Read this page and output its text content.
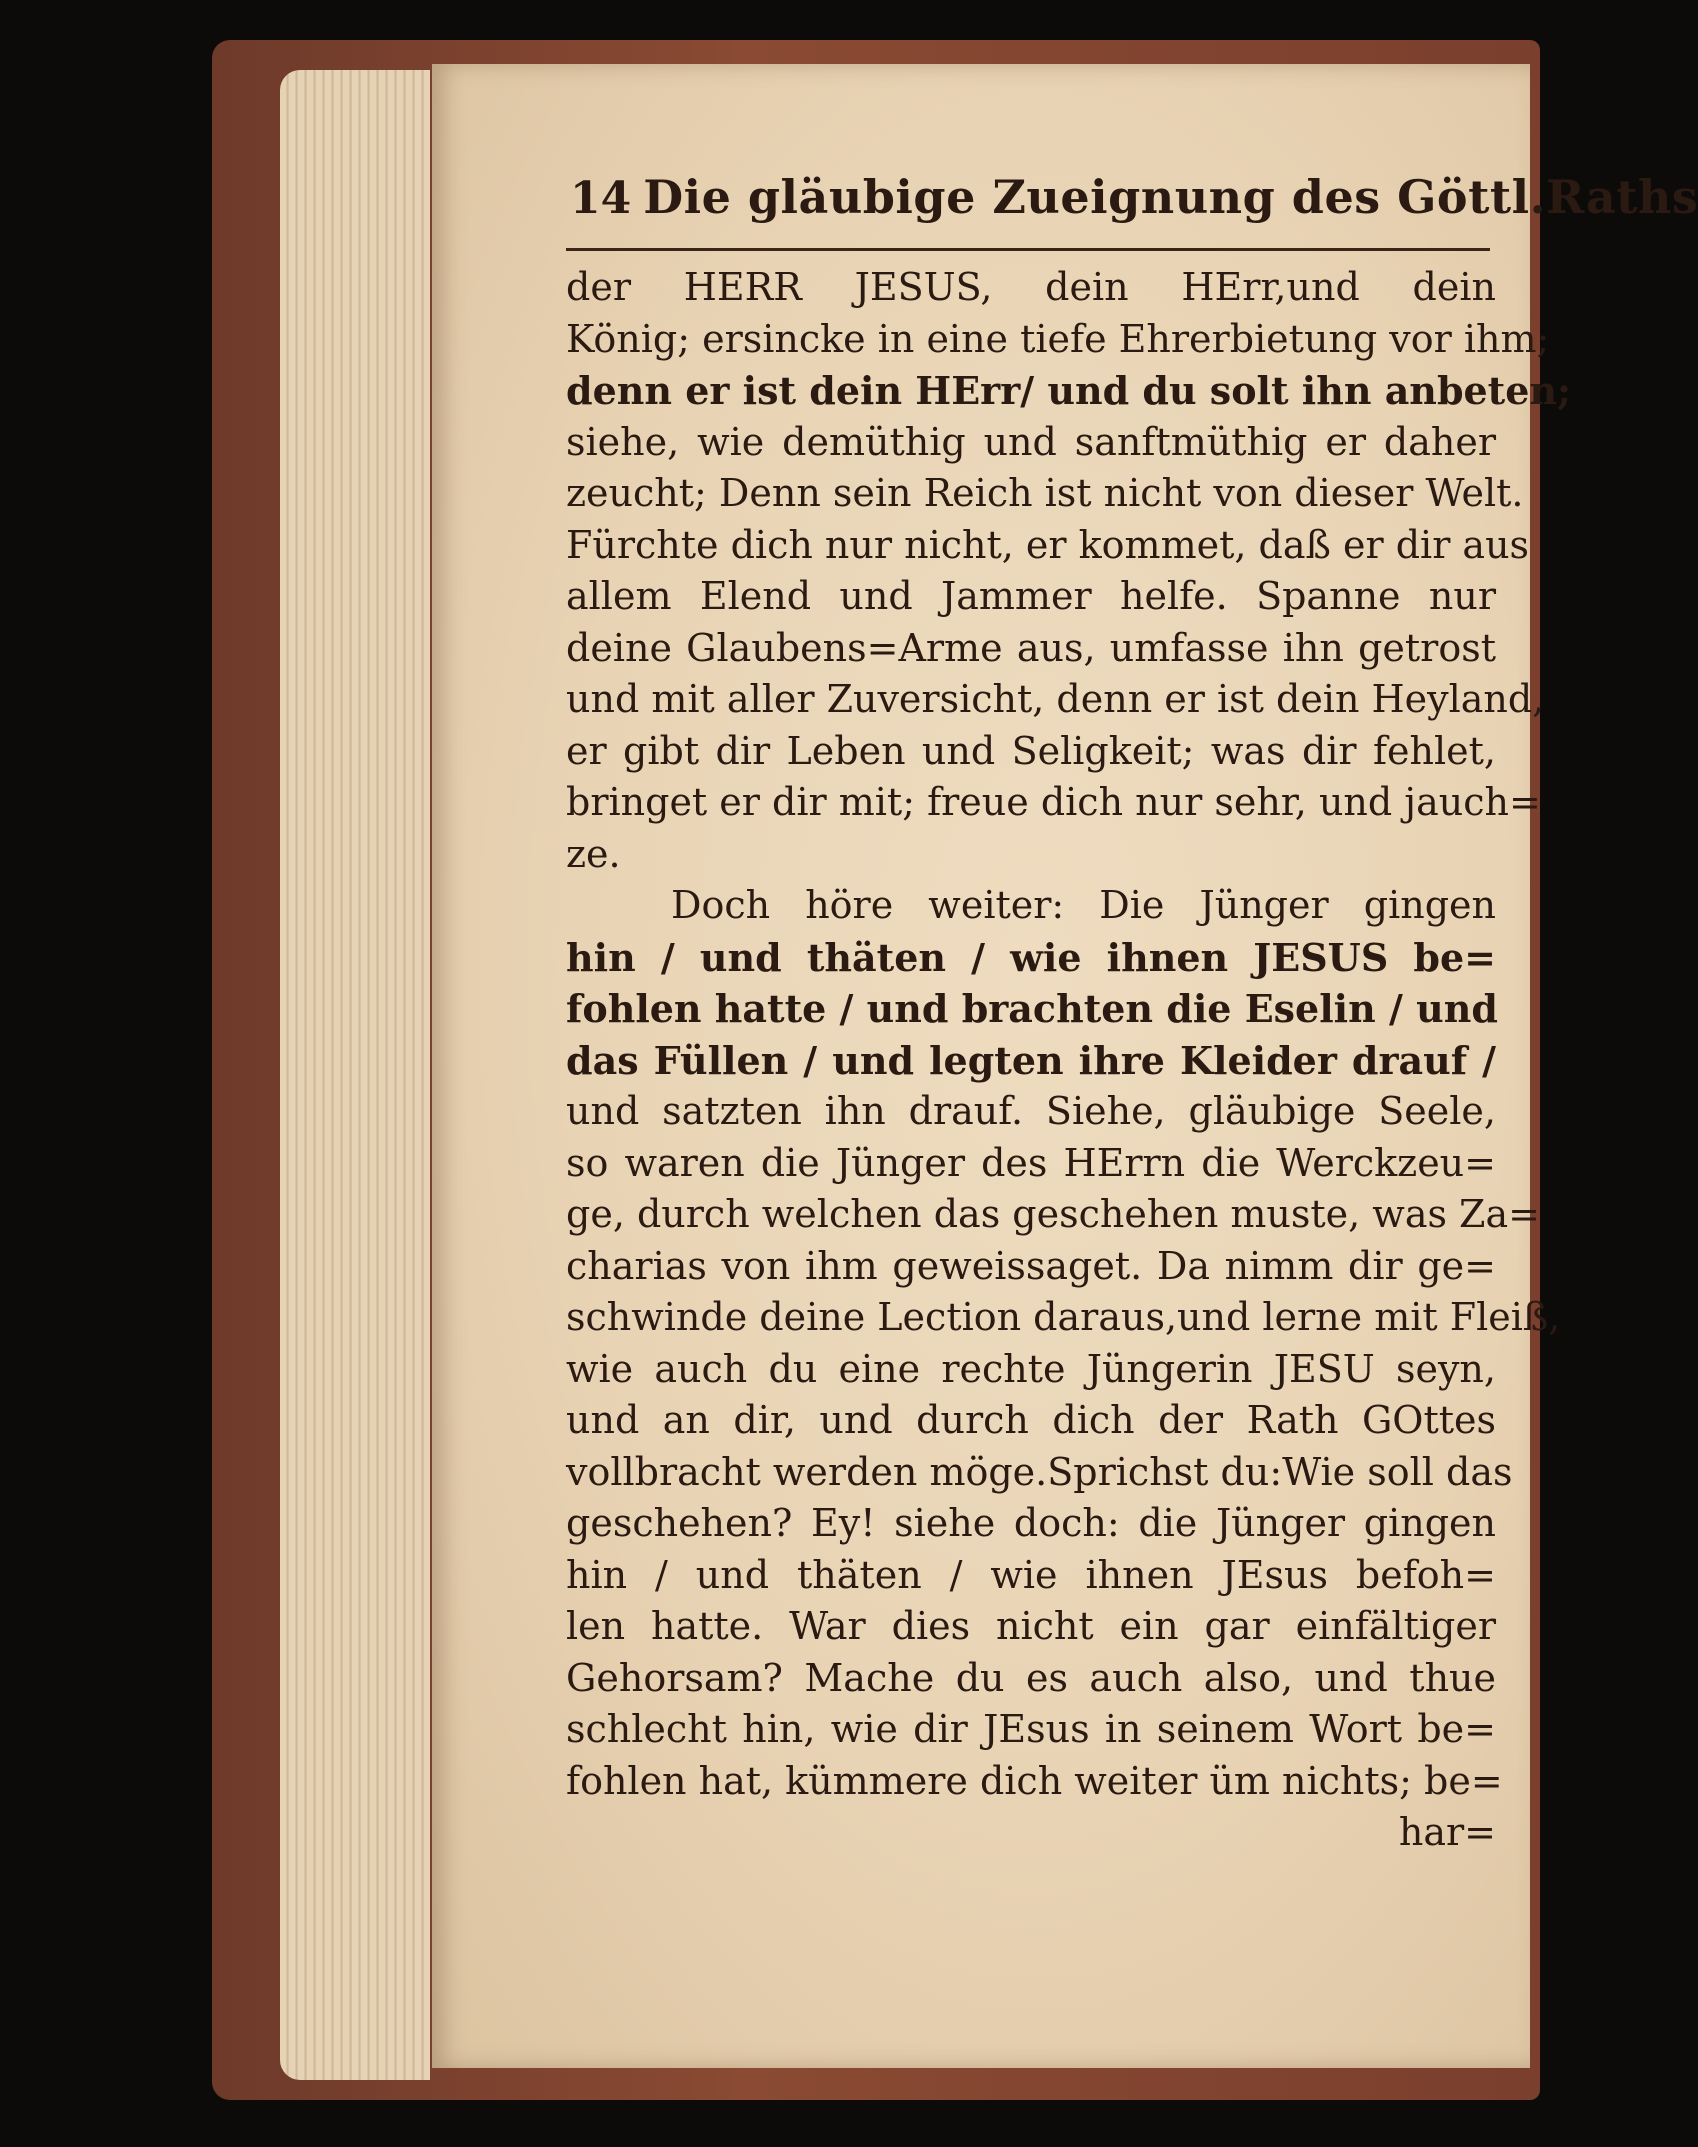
14 Die gläubige Zueignung des Göttl.Raths
der HERR JESUS, dein HErr,und dein
König; ersincke in eine tiefe Ehrerbietung vor ihm;
denn er ist dein HErr/ und du solt ihn anbeten;
siehe, wie demüthig und sanftmüthig er daher
zeucht; Denn sein Reich ist nicht von dieser Welt.
Fürchte dich nur nicht, er kommet, daß er dir aus
allem Elend und Jammer helfe. Spanne nur
deine Glaubens=Arme aus, umfasse ihn getrost
und mit aller Zuversicht, denn er ist dein Heyland,
er gibt dir Leben und Seligkeit; was dir fehlet,
bringet er dir mit; freue dich nur sehr, und jauch=
ze.
Doch höre weiter: Die Jünger gingen
hin / und thäten / wie ihnen JESUS be=
fohlen hatte / und brachten die Eselin / und
das Füllen / und legten ihre Kleider drauf /
und satzten ihn drauf. Siehe, gläubige Seele,
so waren die Jünger des HErrn die Werckzeu=
ge, durch welchen das geschehen muste, was Za=
charias von ihm geweissaget. Da nimm dir ge=
schwinde deine Lection daraus,und lerne mit Fleiß,
wie auch du eine rechte Jüngerin JESU seyn,
und an dir, und durch dich der Rath GOttes
vollbracht werden möge.Sprichst du:Wie soll das
geschehen? Ey! siehe doch: die Jünger gingen
hin / und thäten / wie ihnen JEsus befoh=
len hatte. War dies nicht ein gar einfältiger
Gehorsam? Mache du es auch also, und thue
schlecht hin, wie dir JEsus in seinem Wort be=
fohlen hat, kümmere dich weiter üm nichts; be=
har=
